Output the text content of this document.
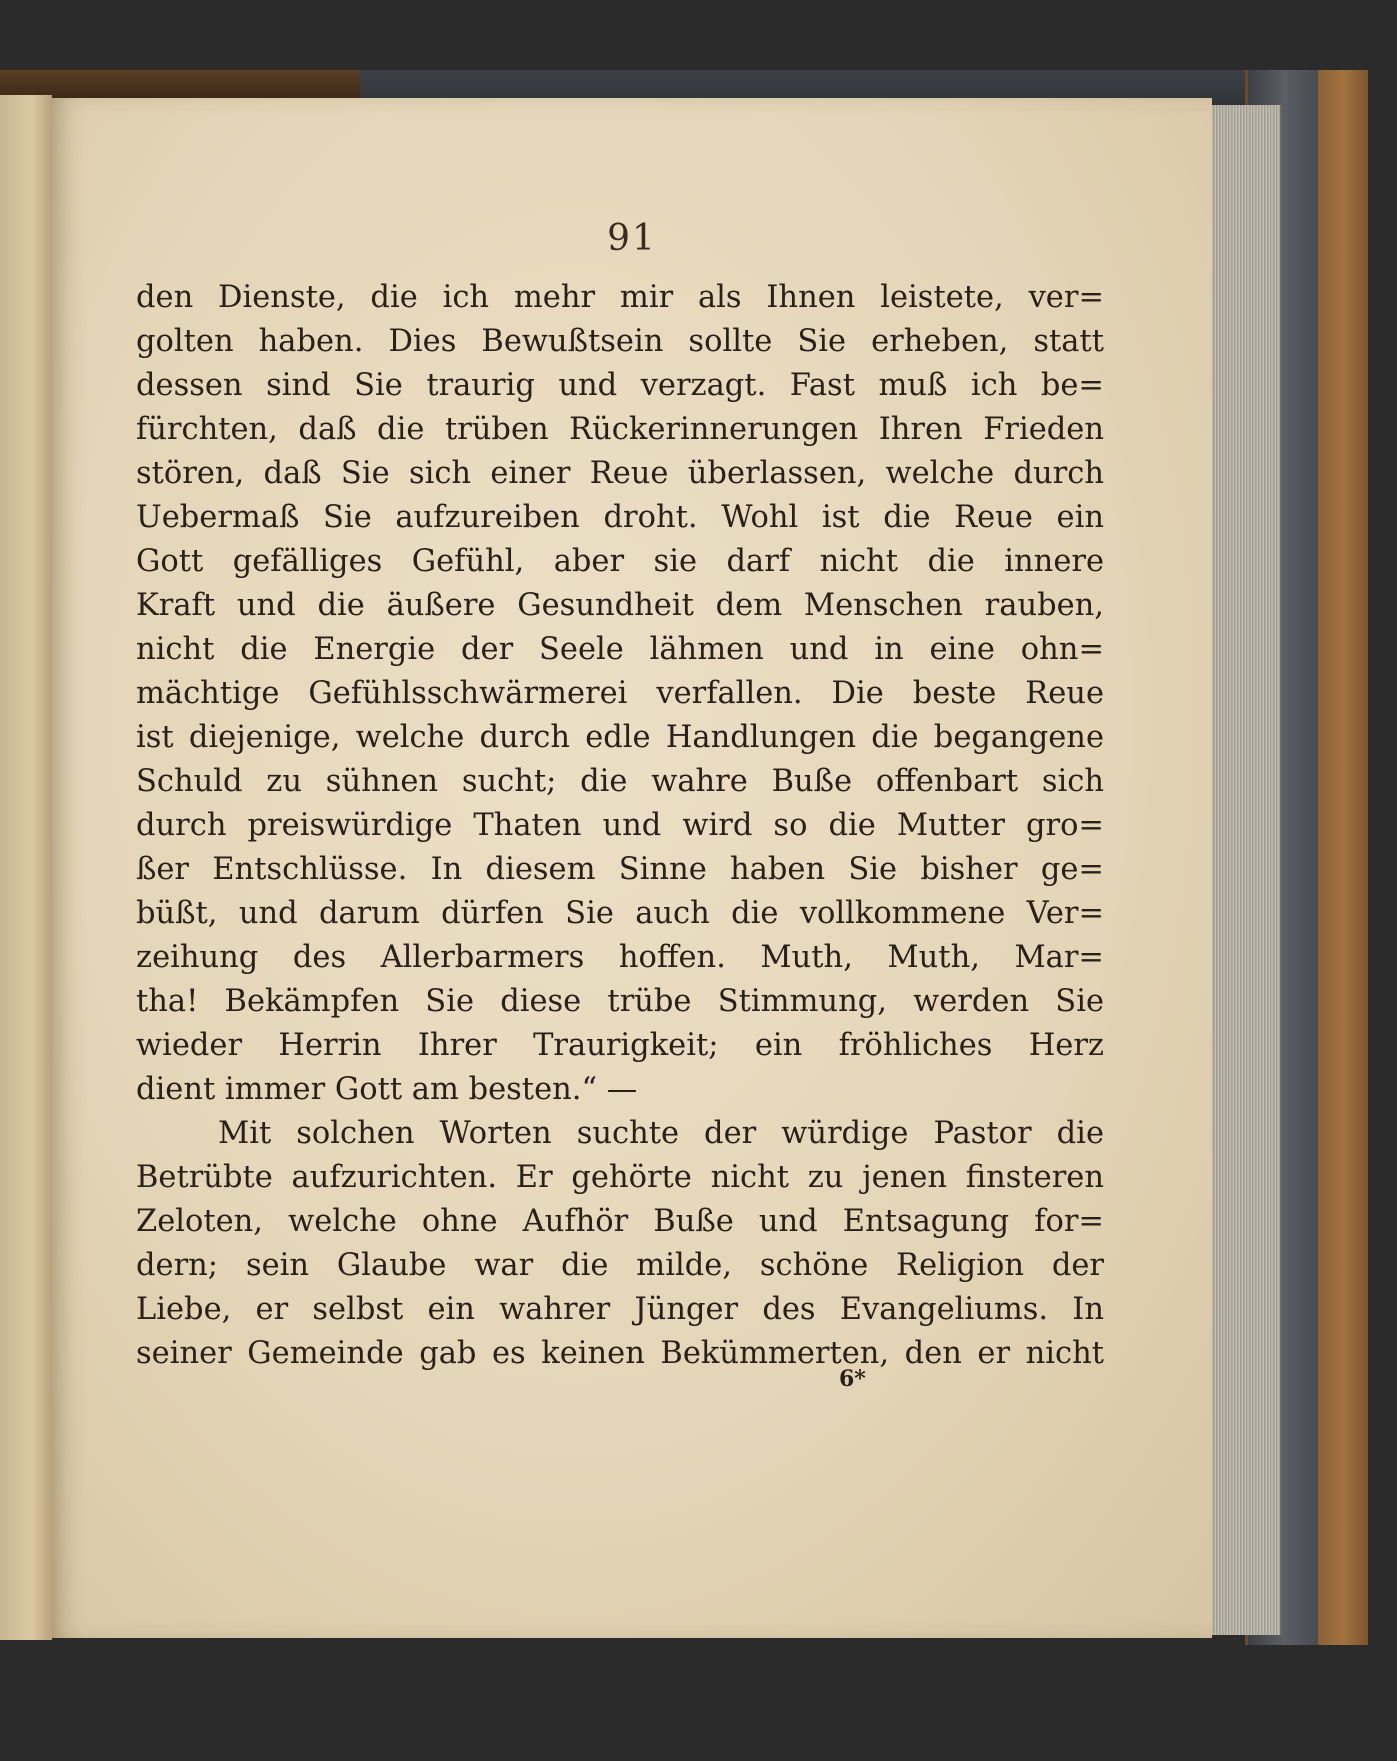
91
den Dienste, die ich mehr mir als Ihnen leistete, ver=
golten haben. Dies Bewußtsein sollte Sie erheben, statt
dessen sind Sie traurig und verzagt. Fast muß ich be=
fürchten, daß die trüben Rückerinnerungen Ihren Frieden
stören, daß Sie sich einer Reue überlassen, welche durch
Uebermaß Sie aufzureiben droht. Wohl ist die Reue ein
Gott gefälliges Gefühl, aber sie darf nicht die innere
Kraft und die äußere Gesundheit dem Menschen rauben,
nicht die Energie der Seele lähmen und in eine ohn=
mächtige Gefühlsschwärmerei verfallen. Die beste Reue
ist diejenige, welche durch edle Handlungen die begangene
Schuld zu sühnen sucht; die wahre Buße offenbart sich
durch preiswürdige Thaten und wird so die Mutter gro=
ßer Entschlüsse. In diesem Sinne haben Sie bisher ge=
büßt, und darum dürfen Sie auch die vollkommene Ver=
zeihung des Allerbarmers hoffen. Muth, Muth, Mar=
tha! Bekämpfen Sie diese trübe Stimmung, werden Sie
wieder Herrin Ihrer Traurigkeit; ein fröhliches Herz
dient immer Gott am besten.“ —
Mit solchen Worten suchte der würdige Pastor die
Betrübte aufzurichten. Er gehörte nicht zu jenen finsteren
Zeloten, welche ohne Aufhör Buße und Entsagung for=
dern; sein Glaube war die milde, schöne Religion der
Liebe, er selbst ein wahrer Jünger des Evangeliums. In
seiner Gemeinde gab es keinen Bekümmerten, den er nicht
6*
